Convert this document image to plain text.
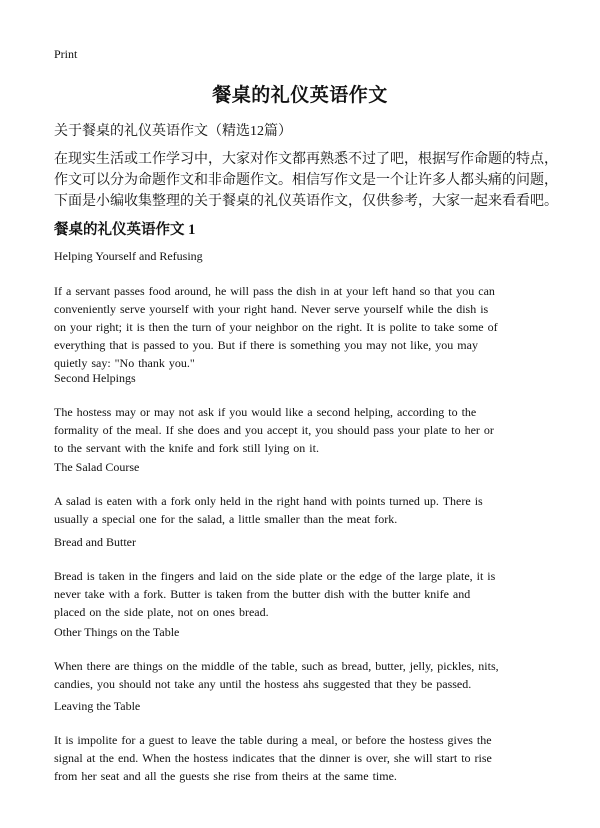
Print
餐桌的礼仪英语作文
关于餐桌的礼仪英语作文（精选12篇）
在现实生活或工作学习中，大家对作文都再熟悉不过了吧，根据写作命题的特点，
作文可以分为命题作文和非命题作文。相信写作文是一个让许多人都头痛的问题，
下面是小编收集整理的关于餐桌的礼仪英语作文，仅供参考，大家一起来看看吧。
餐桌的礼仪英语作文 1
Helping Yourself and Refusing
If a servant passes food around, he will pass the dish in at your left hand so that you can
conveniently serve yourself with your right hand. Never serve yourself while the dish is
on your right; it is then the turn of your neighbor on the right. It is polite to take some of
everything that is passed to you. But if there is something you may not like, you may
quietly say: "No thank you."
Second Helpings
The hostess may or may not ask if you would like a second helping, according to the
formality of the meal. If she does and you accept it, you should pass your plate to her or
to the servant with the knife and fork still lying on it.
The Salad Course
A salad is eaten with a fork only held in the right hand with points turned up. There is
usually a special one for the salad, a little smaller than the meat fork.
Bread and Butter
Bread is taken in the fingers and laid on the side plate or the edge of the large plate, it is
never take with a fork. Butter is taken from the butter dish with the butter knife and
placed on the side plate, not on ones bread.
Other Things on the Table
When there are things on the middle of the table, such as bread, butter, jelly, pickles, nits,
candies, you should not take any until the hostess ahs suggested that they be passed.
Leaving the Table
It is impolite for a guest to leave the table during a meal, or before the hostess gives the
signal at the end. When the hostess indicates that the dinner is over, she will start to rise
from her seat and all the guests she rise from theirs at the same time.
